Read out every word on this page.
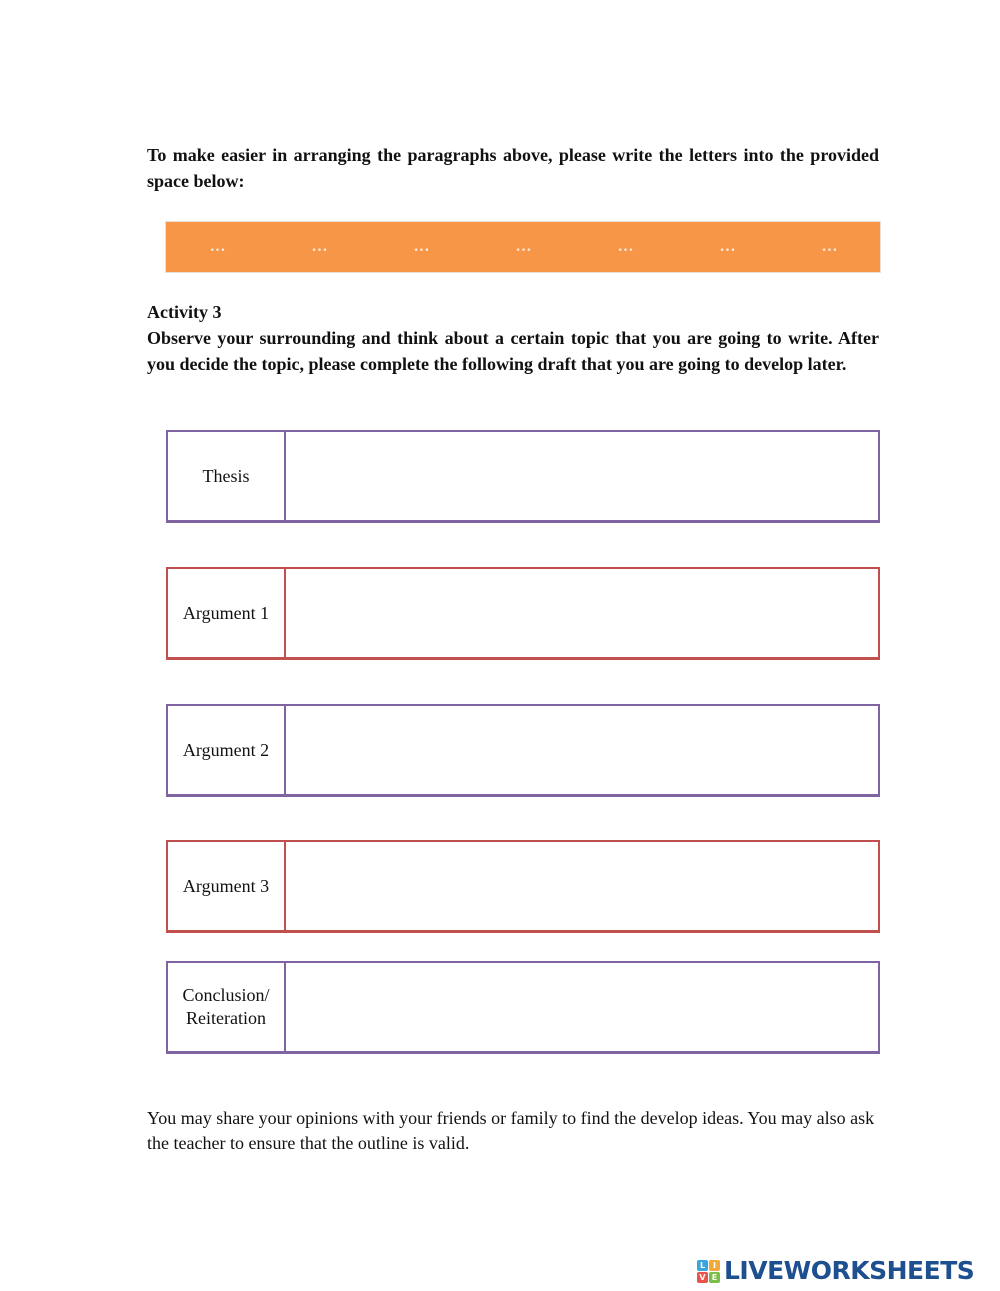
To make easier in arranging the paragraphs above, please write the letters into the provided space below:

…	…	…	…	…	…	…

Activity 3

Observe your surrounding and think about a certain topic that you are going to write. After you decide the topic, please complete the following draft that you are going to develop later.

Thesis
Argument 1
Argument 2
Argument 3
Conclusion/
Reiteration

You may share your opinions with your friends or family to find the develop ideas. You may also ask the teacher to ensure that the outline is valid.

L I
V E LIVEWORKSHEETS
